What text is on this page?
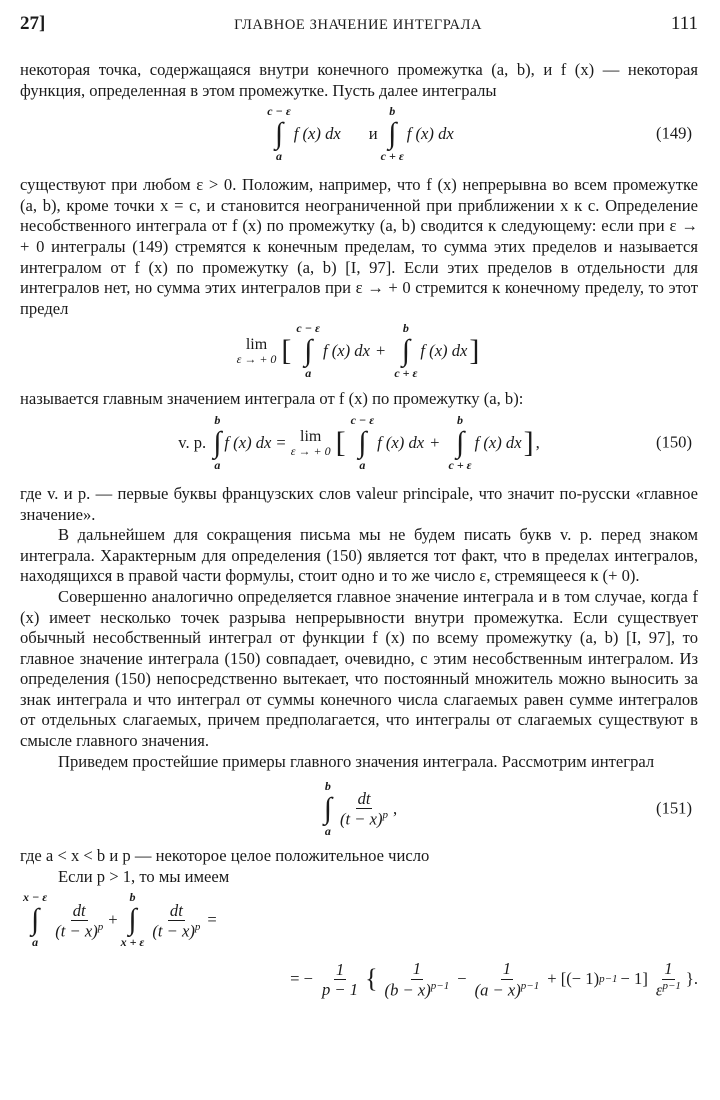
27]	ГЛАВНОЕ ЗНАЧЕНИЕ ИНТЕГРАЛА	111

некоторая точка, содержащаяся внутри конечного промежутка (a, b), и f (x) — некоторая функция, определенная в этом промежутке. Пусть далее интегралы

c − ε
∫
a
f (x) dx и
b
∫
c + ε
f (x) dx	(149)

существуют при любом ε > 0. Положим, например, что f (x) непрерывна во всем промежутке (a, b), кроме точки x = c, и становится неограниченной при приближении x к c. Определение несобственного интеграла от f (x) по промежутку (a, b) сводится к следующему: если при ε → + 0 интегралы (149) стремятся к конечным пределам, то сумма этих пределов и называется интегралом от f (x) по промежутку (a, b) [I, 97]. Если этих пределов в отдельности для интегралов нет, но сумма этих интегралов при ε → + 0 стремится к конечному пределу, то этот предел

lim
ε → + 0 [
c − ε
∫
a
f (x) dx +
b
∫
c + ε
f (x) dx ]

называется главным значением интеграла от f (x) по промежутку (a, b):

v. p.
b
∫
a
f (x) dx = lim
ε → + 0 [
c − ε
∫
a
f (x) dx +
b
∫
c + ε
f (x) dx ] ,	(150)

где v. и p. — первые буквы французских слов valeur principale, что значит по-русски «главное значение».

В дальнейшем для сокращения письма мы не будем писать букв v. p. перед знаком интеграла. Характерным для определения (150) является тот факт, что в пределах интегралов, находящихся в правой части формулы, стоит одно и то же число ε, стремящееся к (+ 0).

Совершенно аналогично определяется главное значение интеграла и в том случае, когда f (x) имеет несколько точек разрыва непрерывности внутри промежутка. Если существует обычный несобственный интеграл от функции f (x) по всему промежутку (a, b) [I, 97], то главное значение интеграла (150) совпадает, очевидно, с этим несобственным интегралом. Из определения (150) непосредственно вытекает, что постоянный множитель можно выносить за знак интеграла и что интеграл от суммы конечного числа слагаемых равен сумме интегралов от отдельных слагаемых, причем предполагается, что интегралы от слагаемых существуют в смысле главного значения.

Приведем простейшие примеры главного значения интеграла. Рассмотрим интеграл

b
∫
a
$\frac{dt}{(t - x)^p}$ ,	(151)

где a < x < b и p — некоторое целое положительное число

Если p > 1, то мы имеем

x − ε
∫
a
$\frac{dt}{(t - x)^p}$ +
b
∫
x + ε
$\frac{dt}{(t - x)^p}$ =
= − $\frac{1}{p - 1}$ { $\frac{1}{(b - x)^{p-1}} - \frac{1}{(a - x)^{p-1}}$ + [(− 1) $p-1 - 1] \frac{1}{\varepsilon^{p-1}}$ }.
